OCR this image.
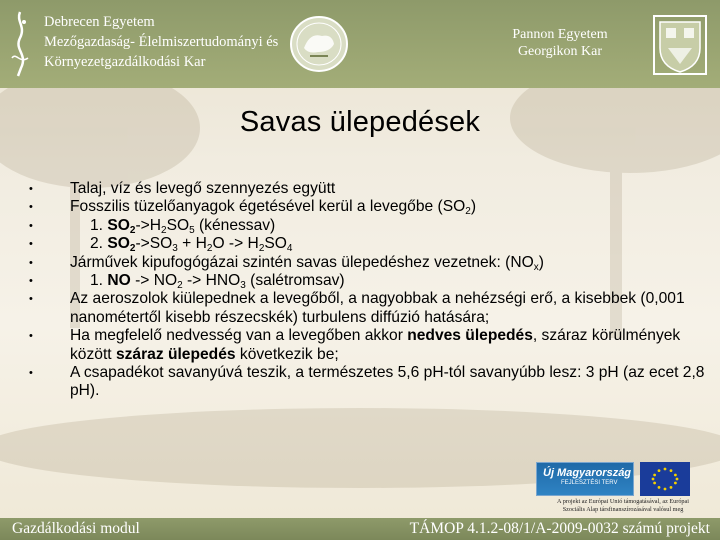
Debrecen Egyetem
Mezőgazdaság- Élelmiszertudományi és
Környezetgazdálkodási Kar
Pannon Egyetem
Georgikon Kar
Savas ülepedések
• Talaj, víz és levegő szennyezés együtt
• Fosszilis tüzelőanyagok égetésével kerül a levegőbe $(SO_2)$
•	1. $SO_2->H_2SO_5$ (kénessav)
•	2. $SO_2->SO_3 + H_2O -> H_2SO_4$
• Járművek kipufogógázai szintén savas ülepedéshez vezetnek: $(NO_x)$
•	1. NO -> $NO_2 -> HNO_3$ (salétromsav)
• Az aeroszolok kiülepednek a levegőből, a nagyobbak a nehézségi erő, a kisebbek (0,001 nanométertől kisebb részecskék) turbulens diffúzió hatására;
• Ha megfelelő nedvesség van a levegőben akkor nedves ülepedés, száraz körülmények között száraz ülepedés következik be;
• A csapadékot savanyúvá teszik, a természetes 5,6 pH-tól savanyúbb lesz: 3 pH (az ecet 2,8 pH).
Új Magyarország
FEJLESZTÉSI TERV
A projekt az Európai Unió támogatásával, az Európai
Szociális Alap társfinanszírozásával valósul meg
Gazdálkodási modul	TÁMOP 4.1.2-08/1/A-2009-0032 számú projekt
